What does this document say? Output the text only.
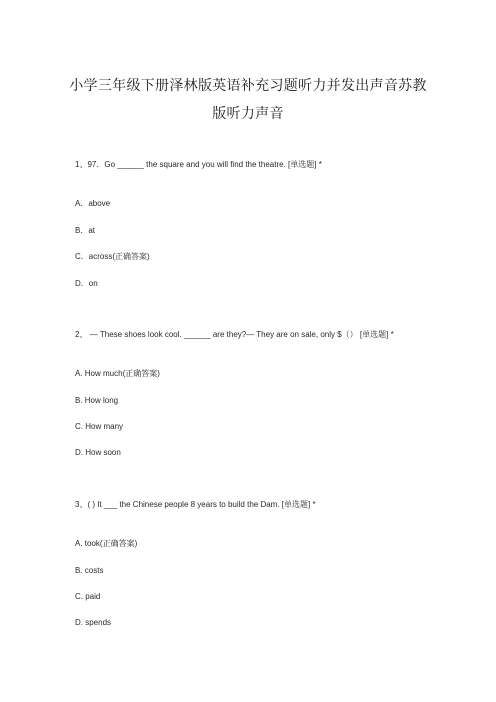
小学三年级下册泽林版英语补充习题听力并发出声音苏教
版听力声音
1、97．Go ______ the square and you will find the theatre. [单选题] *
A．above
B．at
C．across(正确答案)
D．on
2、 — These shoes look cool. ______ are they?— They are on sale, only $（） [单选题] *
A. How much(正确答案)
B. How long
C. How many
D. How soon
3、( ) It ___ the Chinese people 8 years to build the Dam. [单选题] *
A. took(正确答案)
B. costs
C. paid
D. spends
